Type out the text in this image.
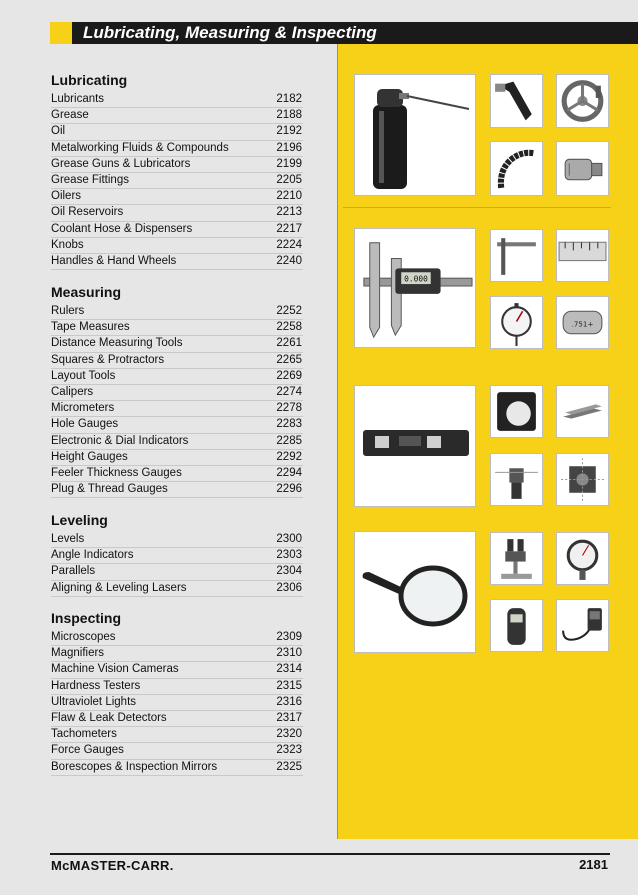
Lubricating, Measuring & Inspecting
Lubricating
Lubricants	2182
Grease	2188
Oil	2192
Metalworking Fluids & Compounds	2196
Grease Guns & Lubricators	2199
Grease Fittings	2205
Oilers	2210
Oil Reservoirs	2213
Coolant Hose & Dispensers	2217
Knobs	2224
Handles & Hand Wheels	2240
Measuring
Rulers	2252
Tape Measures	2258
Distance Measuring Tools	2261
Squares & Protractors	2265
Layout Tools	2269
Calipers	2274
Micrometers	2278
Hole Gauges	2283
Electronic & Dial Indicators	2285
Height Gauges	2292
Feeler Thickness Gauges	2294
Plug & Thread Gauges	2296
Leveling
Levels	2300
Angle Indicators	2303
Parallels	2304
Aligning & Leveling Lasers	2306
Inspecting
Microscopes	2309
Magnifiers	2310
Machine Vision Cameras	2314
Hardness Testers	2315
Ultraviolet Lights	2316
Flaw & Leak Detectors	2317
Tachometers	2320
Force Gauges	2323
Borescopes & Inspection Mirrors	2325
0.000
.751+
McMASTER-CARR.	2181
